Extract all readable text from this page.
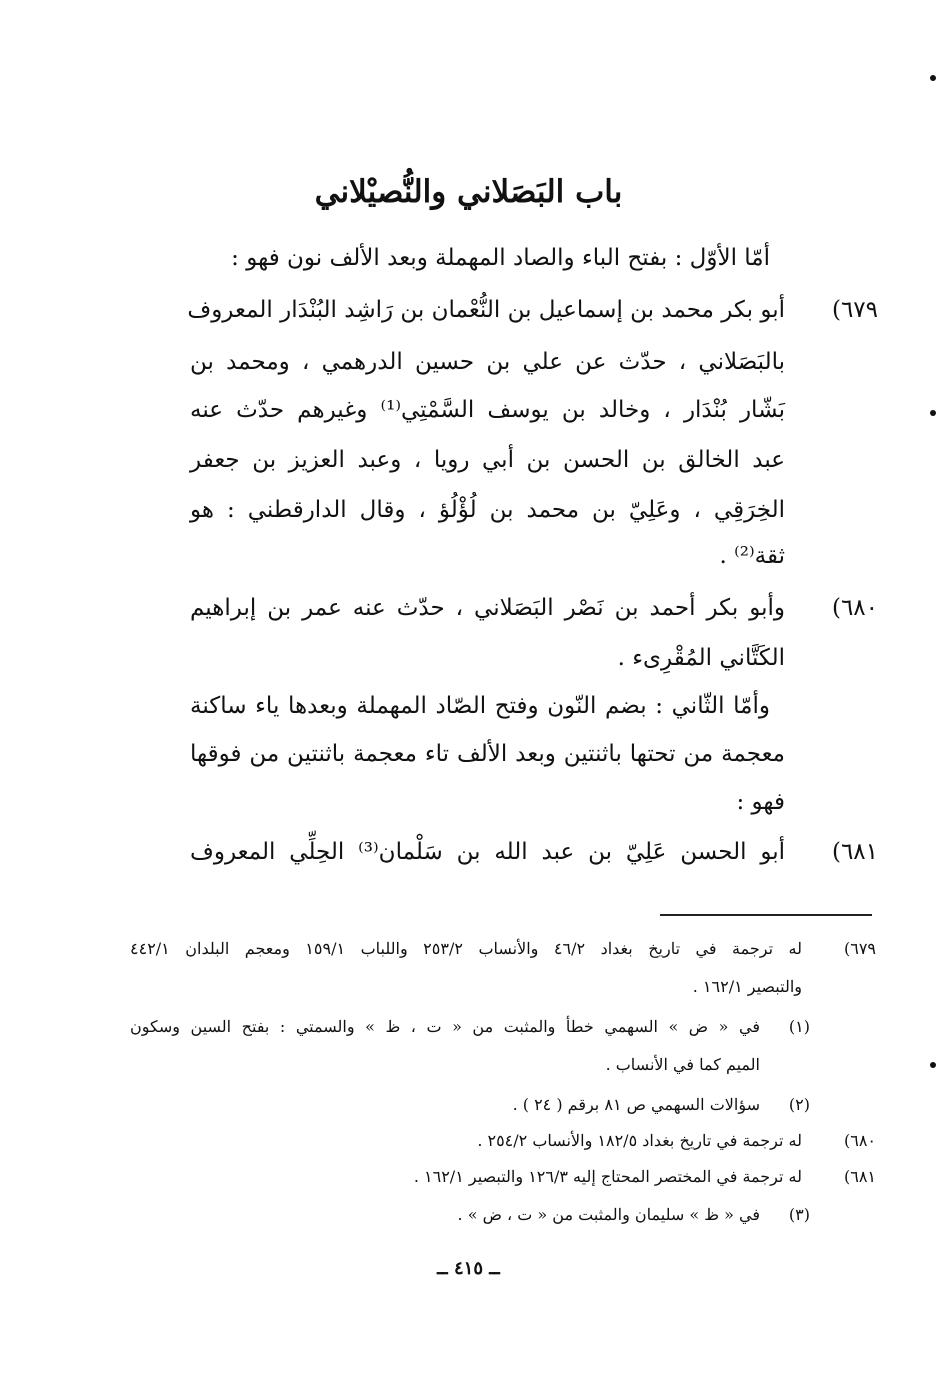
باب البَصَلاني والنُّصيْلاني
أمّا الأوّل : بفتح الباء والصاد المهملة وبعد الألف نون فهو :
(٦٧٩
أبو بكر محمد بن إسماعيل بن النُّعْمان بن رَاشِد البُنْدَار المعروف
بالبَصَلاني ، حدّث عن علي بن حسين الدرهمي ، ومحمد بن
بَشّار بُنْدَار ، وخالد بن يوسف السَّمْتِي⁽¹⁾ وغيرهم حدّث عنه
عبد الخالق بن الحسن بن أبي رويا ، وعبد العزيز بن جعفر
الخِرَقِي ، وعَلِيّ بن محمد بن لُؤْلُؤ ، وقال الدارقطني : هو
ثقة⁽²⁾ .
(٦٨٠
وأبو بكر أحمد بن نَصْر البَصَلاني ، حدّث عنه عمر بن إبراهيم
الكَتَّاني المُقْرِىء .
وأمّا الثّاني : بضم النّون وفتح الصّاد المهملة وبعدها ياء ساكنة
معجمة من تحتها باثنتين وبعد الألف تاء معجمة باثنتين من فوقها
فهو :
(٦٨١
أبو الحسن عَلِيّ بن عبد الله بن سَلْمان⁽³⁾ الحِلِّي المعروف
(٦٧٩
له ترجمة في تاريخ بغداد ٤٦/٢ والأنساب ٢٥٣/٢ واللباب ١٥٩/١ ومعجم البلدان ٤٤٢/١
والتبصير ١٦٢/١ .
(١)
في « ض » السهمي خطأ والمثبت من « ت ، ظ » والسمتي : بفتح السين وسكون
الميم كما في الأنساب .
(٢)
سؤالات السهمي ص ٨١ برقم ( ٢٤ ) .
(٦٨٠
له ترجمة في تاريخ بغداد ١٨٢/٥ والأنساب ٢٥٤/٢ .
(٦٨١
له ترجمة في المختصر المحتاج إليه ١٢٦/٣ والتبصير ١٦٢/١ .
(٣)
في « ظ » سليمان والمثبت من « ت ، ض » .
ــ ٤١٥ ــ
